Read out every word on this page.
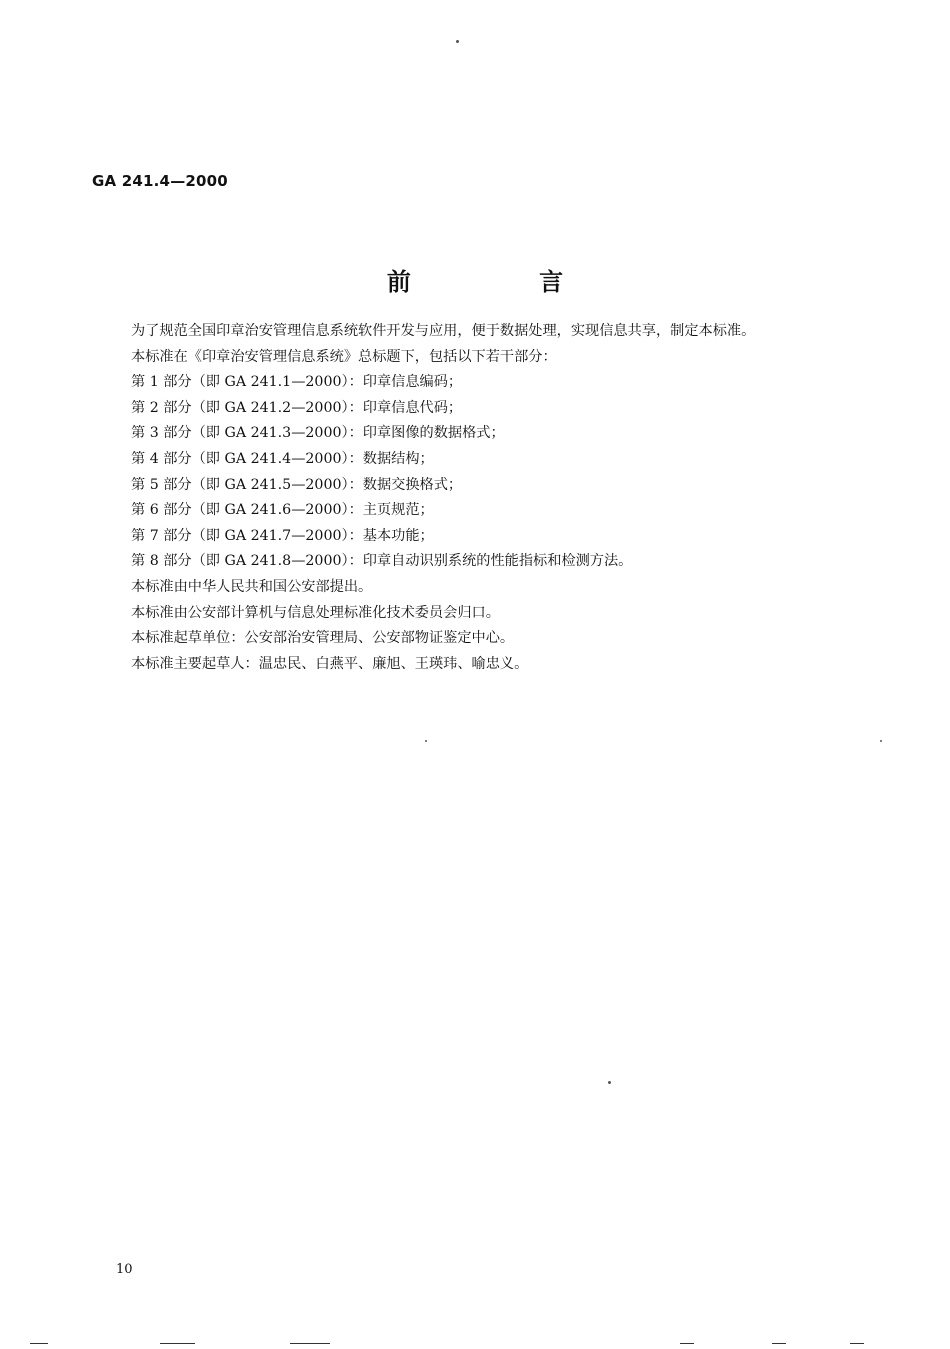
GA 241.4—2000
前 言
为了规范全国印章治安管理信息系统软件开发与应用，便于数据处理，实现信息共享，制定本标准。
本标准在《印章治安管理信息系统》总标题下，包括以下若干部分：
第 1 部分（即 GA 241.1—2000）：印章信息编码；
第 2 部分（即 GA 241.2—2000）：印章信息代码；
第 3 部分（即 GA 241.3—2000）：印章图像的数据格式；
第 4 部分（即 GA 241.4—2000）：数据结构；
第 5 部分（即 GA 241.5—2000）：数据交换格式；
第 6 部分（即 GA 241.6—2000）：主页规范；
第 7 部分（即 GA 241.7—2000）：基本功能；
第 8 部分（即 GA 241.8—2000）：印章自动识别系统的性能指标和检测方法。
本标准由中华人民共和国公安部提出。
本标准由公安部计算机与信息处理标准化技术委员会归口。
本标准起草单位：公安部治安管理局、公安部物证鉴定中心。
本标准主要起草人：温忠民、白燕平、廉旭、王瑛玮、喻忠义。
10
